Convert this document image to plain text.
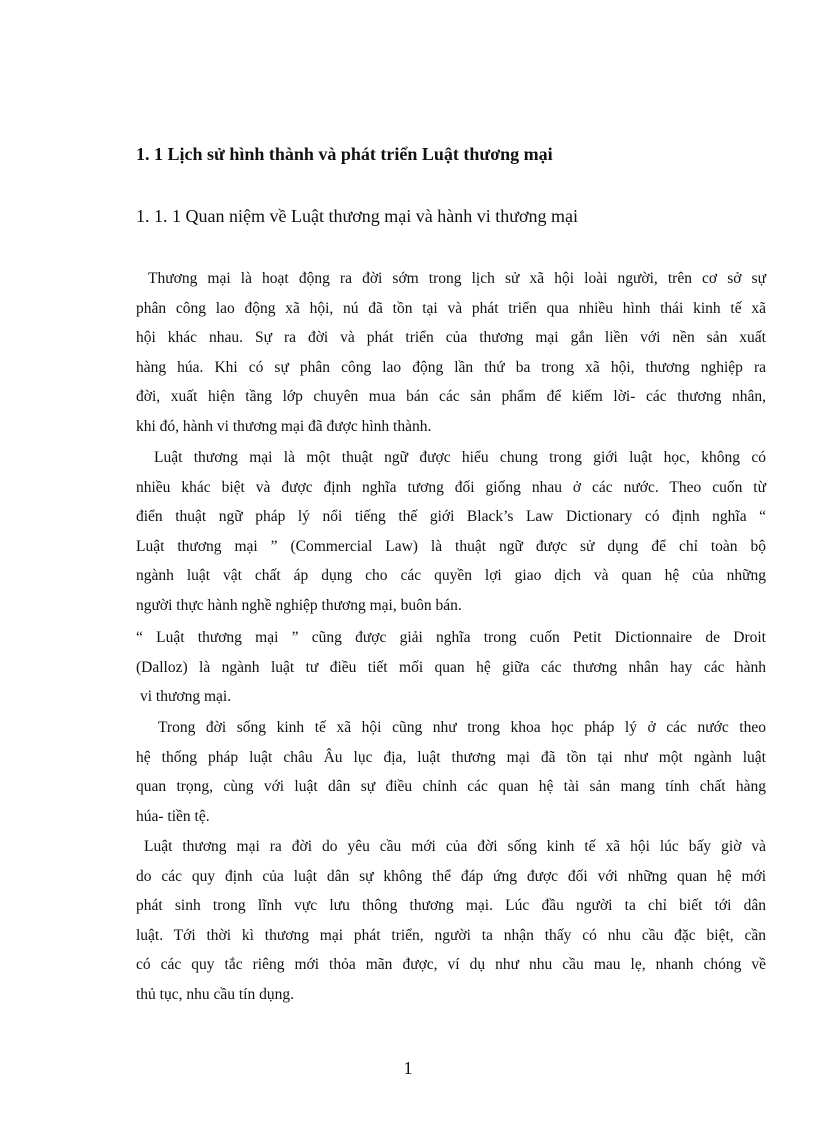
1. 1 Lịch sử hình thành và phát triển Luật thương mại
1. 1. 1 Quan niệm về Luật thương mại và hành vi thương mại
Thương mại là hoạt động ra đời sớm trong lịch sử xã hội loài người, trên cơ sở sự
phân công lao động xã hội, nú đã tồn tại và phát triển qua nhiều hình thái kinh tế xã
hội khác nhau. Sự ra đời và phát triển của thương mại gắn liền với nền sản xuất
hàng húa. Khi có sự phân công lao động lần thứ ba trong xã hội, thương nghiệp ra
đời, xuất hiện tầng lớp chuyên mua bán các sản phẩm để kiếm lời- các thương nhân,
khi đó, hành vi thương mại đã được hình thành.
Luật thương mại là một thuật ngữ được hiểu chung trong giới luật học, không có
nhiều khác biệt và được định nghĩa tương đối giống nhau ở các nước. Theo cuốn từ
điển thuật ngữ pháp lý nổi tiếng thế giới Black’s Law Dictionary có định nghĩa “
Luật thương mại ” (Commercial Law) là thuật ngữ được sử dụng để chỉ toàn bộ
ngành luật vật chất áp dụng cho các quyền lợi giao dịch và quan hệ của những
người thực hành nghề nghiệp thương mại, buôn bán.
“ Luật thương mại ” cũng được giải nghĩa trong cuốn Petit Dictionnaire de Droit
(Dalloz) là ngành luật tư điều tiết mối quan hệ giữa các thương nhân hay các hành
vi thương mại.
Trong đời sống kinh tế xã hội cũng như trong khoa học pháp lý ở các nước theo
hệ thống pháp luật châu Âu lục địa, luật thương mại đã tồn tại như một ngành luật
quan trọng, cùng với luật dân sự điều chỉnh các quan hệ tài sản mang tính chất hàng
húa- tiền tệ.
Luật thương mại ra đời do yêu cầu mới của đời sống kinh tế xã hội lúc bấy giờ và
do các quy định của luật dân sự không thể đáp ứng được đối với những quan hệ mới
phát sinh trong lĩnh vực lưu thông thương mại. Lúc đầu người ta chỉ biết tới dân
luật. Tới thời kì thương mại phát triển, người ta nhận thấy có nhu cầu đặc biệt, cần
có các quy tắc riêng mới thỏa mãn được, ví dụ như nhu cầu mau lẹ, nhanh chóng về
thủ tục, nhu cầu tín dụng.
1
